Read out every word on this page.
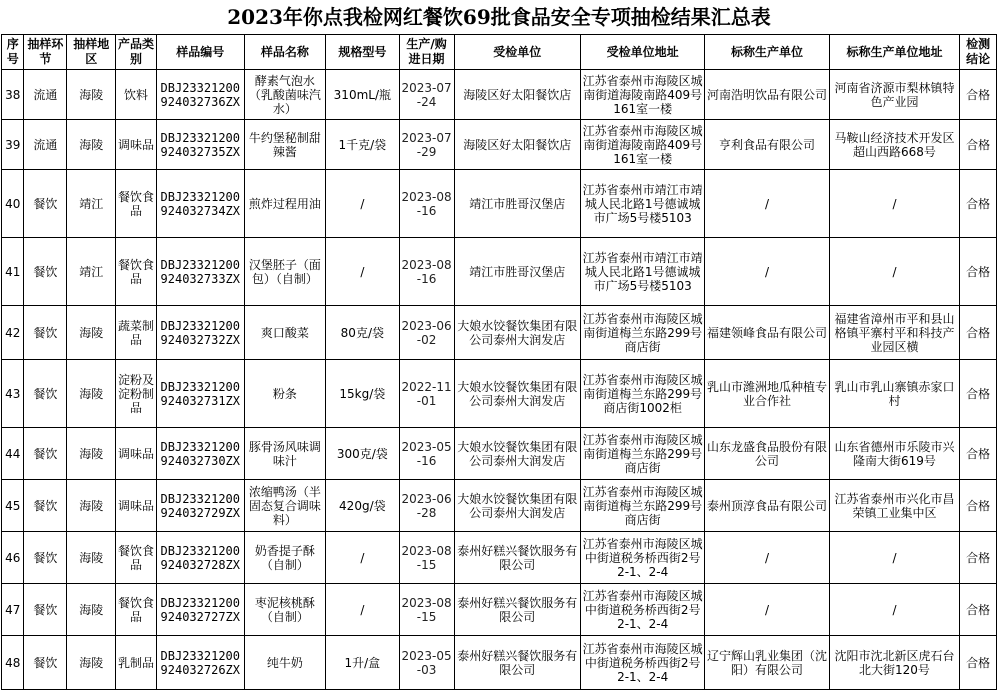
2023年你点我检网红餐饮69批食品安全专项抽检结果汇总表
序号	抽样环节	抽样地区	产品类别	样品编号	样品名称	规格型号	生产/购进日期	受检单位	受检单位地址	标称生产单位	标称生产单位地址	检测结论
38	流通	海陵	饮料	DBJ23321200924032736ZX	酵素气泡水（乳酸菌味汽水）	310mL/瓶	2023-07-24	海陵区好太阳餐饮店	江苏省泰州市海陵区城南街道海陵南路409号161室一楼	河南浩明饮品有限公司	河南省济源市梨林镇特色产业园	合格
39	流通	海陵	调味品	DBJ23321200924032735ZX	牛约堡秘制甜辣酱	1千克/袋	2023-07-29	海陵区好太阳餐饮店	江苏省泰州市海陵区城南街道海陵南路409号161室一楼	亨利食品有限公司	马鞍山经济技术开发区超山西路668号	合格
40	餐饮	靖江	餐饮食品	DBJ23321200924032734ZX	煎炸过程用油	/	2023-08-16	靖江市胜哥汉堡店	江苏省泰州市靖江市靖城人民北路1号德诚城市广场5号楼5103	/	/	合格
41	餐饮	靖江	餐饮食品	DBJ23321200924032733ZX	汉堡胚子（面包）（自制）	/	2023-08-16	靖江市胜哥汉堡店	江苏省泰州市靖江市靖城人民北路1号德诚城市广场5号楼5103	/	/	合格
42	餐饮	海陵	蔬菜制品	DBJ23321200924032732ZX	爽口酸菜	80克/袋	2023-06-02	大娘水饺餐饮集团有限公司泰州大润发店	江苏省泰州市海陵区城南街道梅兰东路299号商店街	福建领峰食品有限公司	福建省漳州市平和县山格镇平寨村平和科技产业园区横	合格
43	餐饮	海陵	淀粉及淀粉制品	DBJ23321200924032731ZX	粉条	15kg/袋	2022-11-01	大娘水饺餐饮集团有限公司泰州大润发店	江苏省泰州市海陵区城南街道梅兰东路299号商店街1002柜	乳山市潍洲地瓜种植专业合作社	乳山市乳山寨镇赤家口村	合格
44	餐饮	海陵	调味品	DBJ23321200924032730ZX	豚骨汤风味调味汁	300克/袋	2023-05-16	大娘水饺餐饮集团有限公司泰州大润发店	江苏省泰州市海陵区城南街道梅兰东路299号商店街	山东龙盛食品股份有限公司	山东省德州市乐陵市兴隆南大街619号	合格
45	餐饮	海陵	调味品	DBJ23321200924032729ZX	浓缩鸭汤（半固态复合调味料）	420g/袋	2023-06-28	大娘水饺餐饮集团有限公司泰州大润发店	江苏省泰州市海陵区城南街道梅兰东路299号商店街	泰州顶淳食品有限公司	江苏省泰州市兴化市昌荣镇工业集中区	合格
46	餐饮	海陵	餐饮食品	DBJ23321200924032728ZX	奶香提子酥（自制）	/	2023-08-15	泰州好糕兴餐饮服务有限公司	江苏省泰州市海陵区城中街道税务桥西街2号2-1、2-4	/	/	合格
47	餐饮	海陵	餐饮食品	DBJ23321200924032727ZX	枣泥核桃酥（自制）	/	2023-08-15	泰州好糕兴餐饮服务有限公司	江苏省泰州市海陵区城中街道税务桥西街2号2-1、2-4	/	/	合格
48	餐饮	海陵	乳制品	DBJ23321200924032726ZX	纯牛奶	1升/盒	2023-05-03	泰州好糕兴餐饮服务有限公司	江苏省泰州市海陵区城中街道税务桥西街2号2-1、2-4	辽宁辉山乳业集团（沈阳）有限公司	沈阳市沈北新区虎石台北大街120号	合格
